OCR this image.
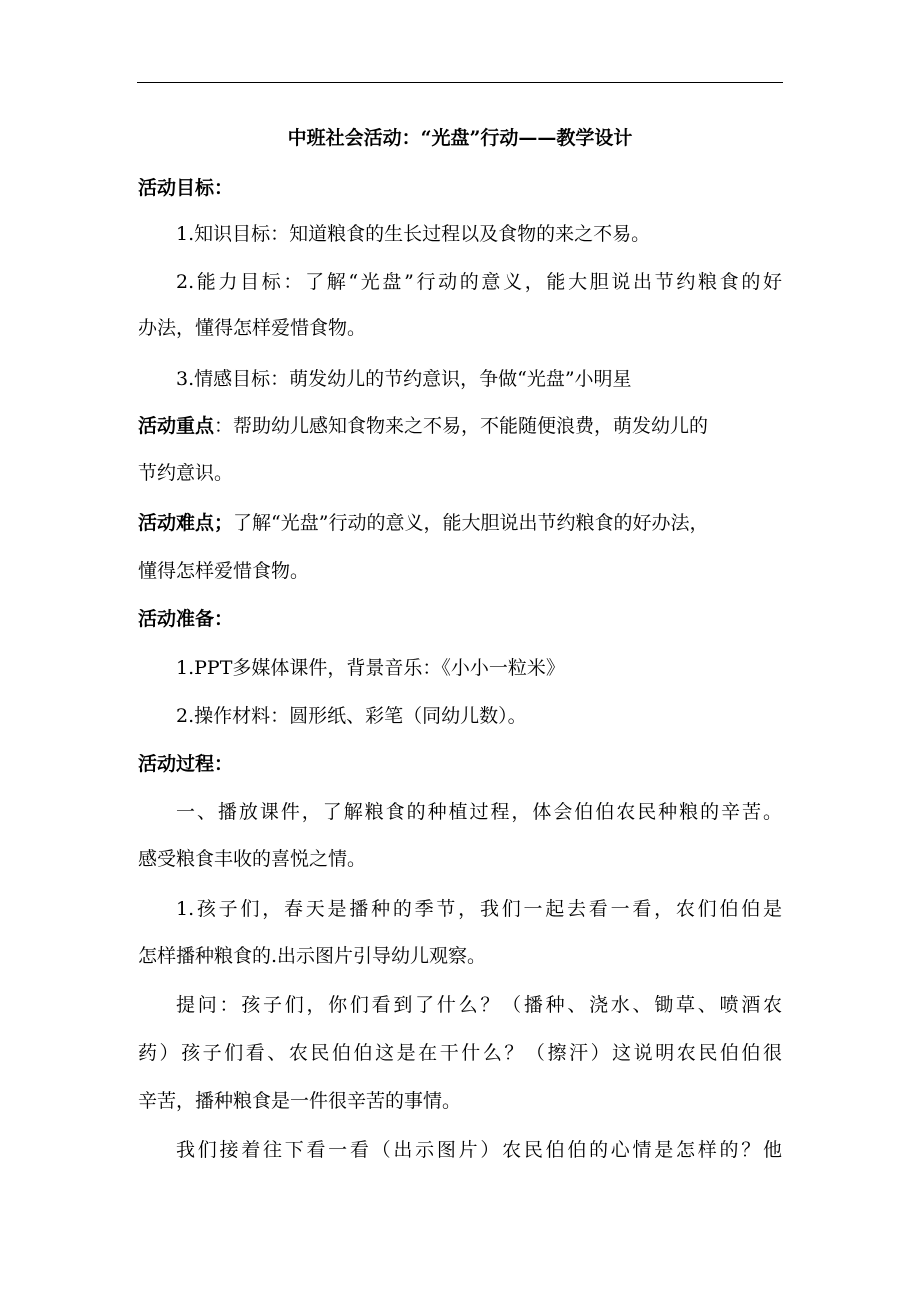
中班社会活动：“光盘”行动——教学设计
活动目标：
1.知识目标：知道粮食的生长过程以及食物的来之不易。
2.能力目标：了解“光盘”行动的意义，能大胆说出节约粮食的好
办法，懂得怎样爱惜食物。
3.情感目标：萌发幼儿的节约意识，争做“光盘”小明星
活动重点：帮助幼儿感知食物来之不易，不能随便浪费，萌发幼儿的
节约意识。
活动难点；了解“光盘”行动的意义，能大胆说出节约粮食的好办法，
懂得怎样爱惜食物。
活动准备：
1.PPT多媒体课件，背景音乐：《小小一粒米》
2.操作材料：圆形纸、彩笔（同幼儿数）。
活动过程：
一、播放课件，了解粮食的种植过程，体会伯伯农民种粮的辛苦。
感受粮食丰收的喜悦之情。
1.孩子们，春天是播种的季节，我们一起去看一看，农们伯伯是
怎样播种粮食的.出示图片引导幼儿观察。
提问：孩子们，你们看到了什么？（播种、浇水、锄草、喷酒农
药）孩子们看、农民伯伯这是在干什么？（擦汗）这说明农民伯伯很
辛苦，播种粮食是一件很辛苦的事情。
我们接着往下看一看（出示图片）农民伯伯的心情是怎样的？他
